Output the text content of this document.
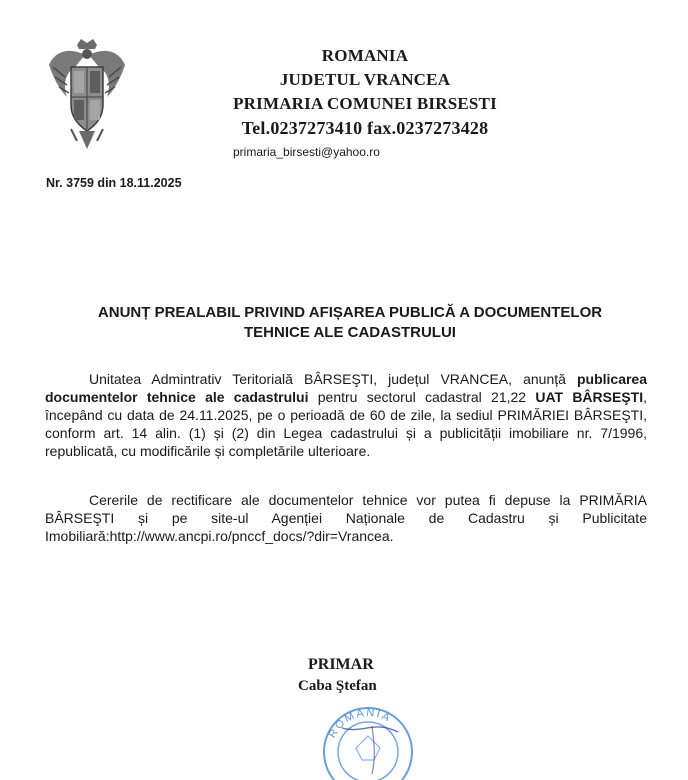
ROMANIA
JUDETUL VRANCEA
PRIMARIA COMUNEI BIRSESTI
Tel.0237273410 fax.0237273428
primaria_birsesti@yahoo.ro
Nr. 3759 din 18.11.2025
ANUNȚ PREALABIL PRIVIND AFIȘAREA PUBLICĂ A DOCUMENTELOR
TEHNICE ALE CADASTRULUI
Unitatea Admintrativ Teritorială BÂRSEŞTI, județul VRANCEA, anunță publicarea documentelor tehnice ale cadastrului pentru sectorul cadastral 21,22 UAT BÂRSEŞTI, începând cu data de 24.11.2025, pe o perioadă de 60 de zile, la sediul PRIMĂRIEI BÂRSEŞTI, conform art. 14 alin. (1) și (2) din Legea cadastrului și a publicității imobiliare nr. 7/1996, republicată, cu modificările și completările ulterioare.
Cererile de rectificare ale documentelor tehnice vor putea fi depuse la PRIMĂRIA BÂRSEŞTI și pe site-ul Agenției Naționale de Cadastru și Publicitate Imobiliară:http://www.ancpi.ro/pnccf_docs/?dir=Vrancea.
PRIMAR
Caba Ştefan
ROMANIA
